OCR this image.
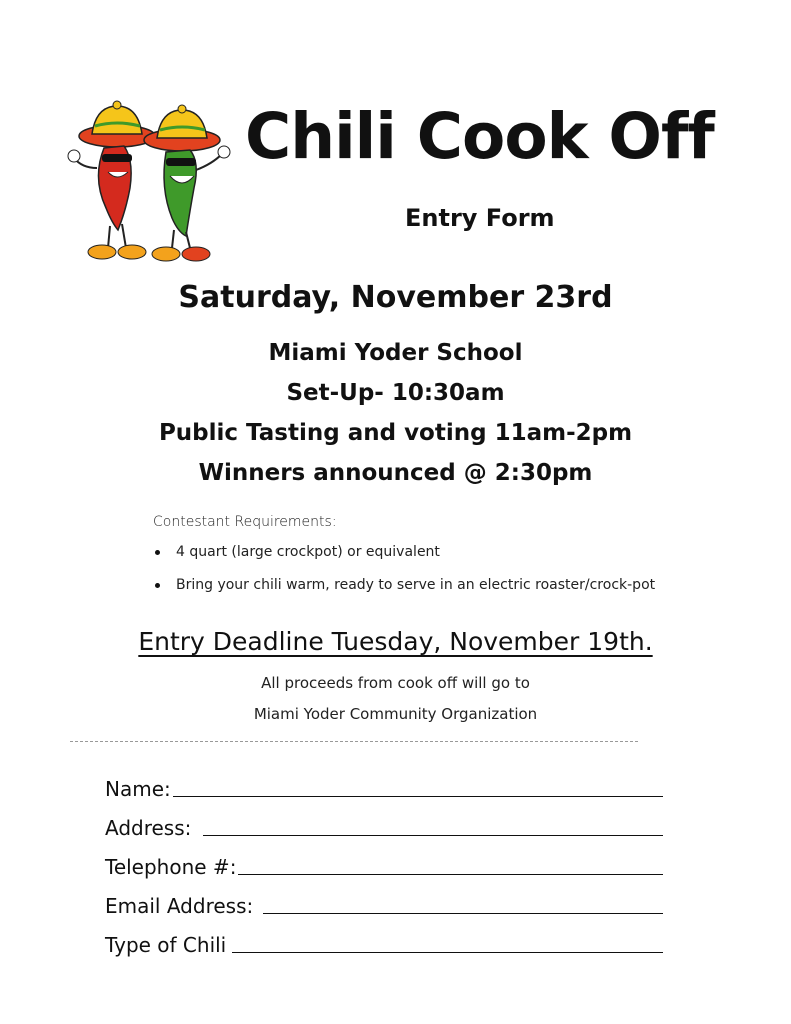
Chili Cook Off
Entry Form
Saturday, November 23rd
Miami Yoder School
Set-Up- 10:30am
Public Tasting and voting 11am-2pm
Winners announced @ 2:30pm
Contestant Requirements:
4 quart (large crockpot) or equivalent
Bring your chili warm, ready to serve in an electric roaster/crock-pot
Entry Deadline Tuesday, November 19th.
All proceeds from cook off will go to
Miami Yoder Community Organization
Name:
Address:
Telephone #:
Email Address:
Type of Chili
